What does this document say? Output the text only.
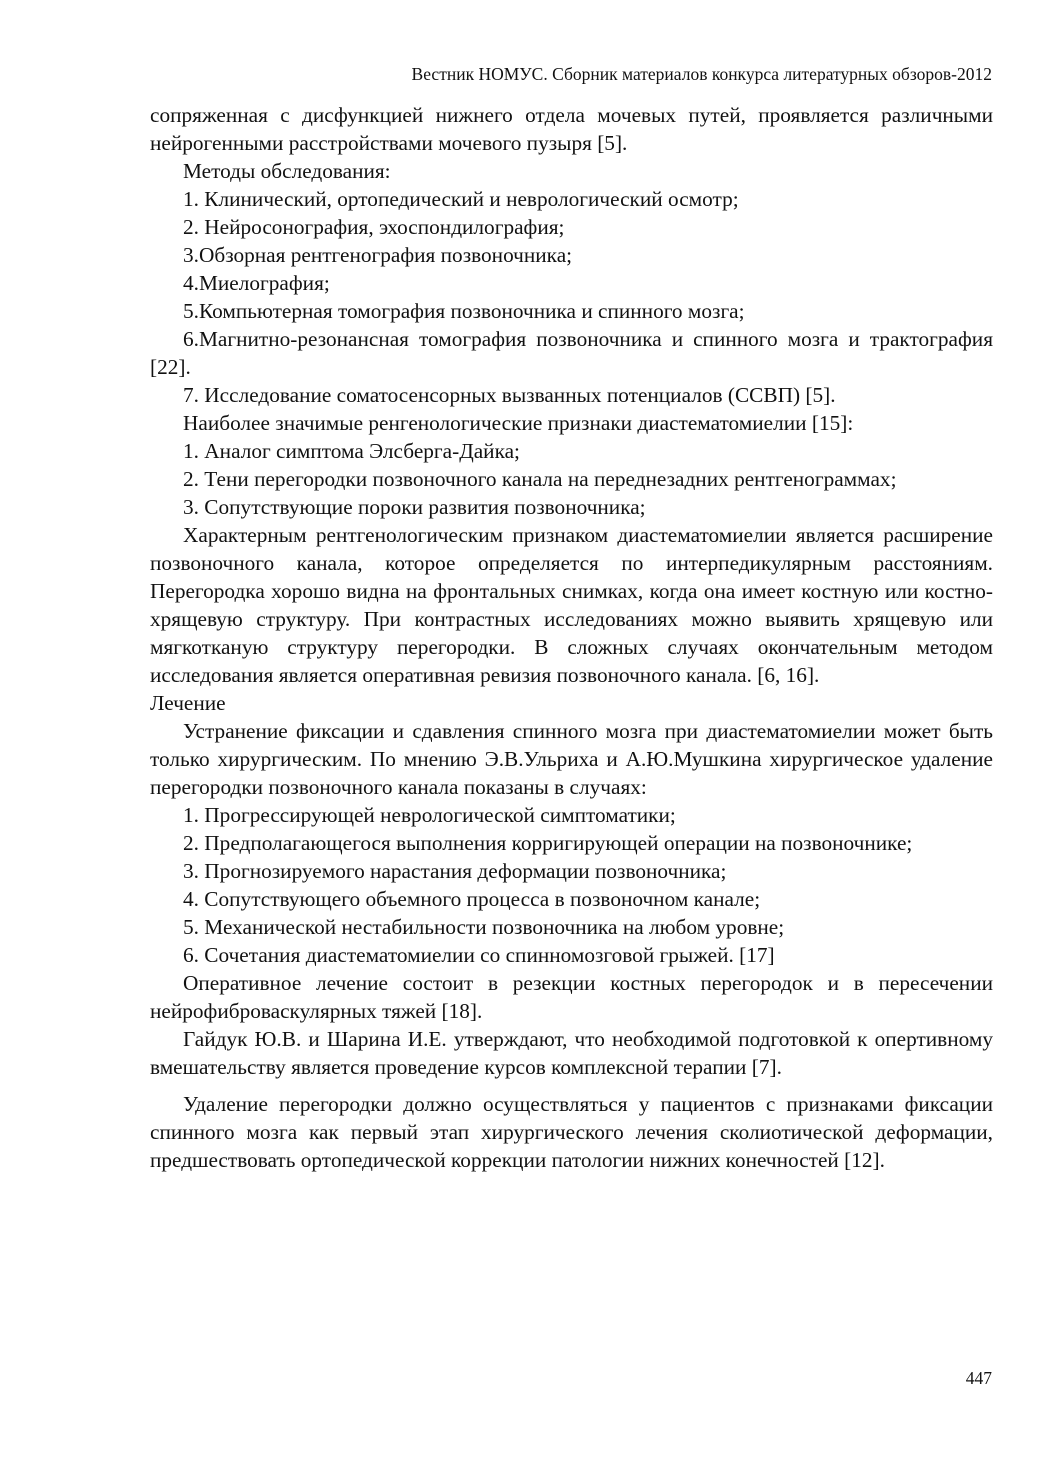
Вестник НОМУС. Сборник материалов конкурса литературных обзоров-2012

сопряженная с дисфункцией нижнего отдела мочевых путей, проявляется различными нейрогенными расстройствами мочевого пузыря [5].

Методы обследования:

1. Клинический, ортопедический и неврологический осмотр;

2. Нейросонография, эхоспондилография;

3.Обзорная рентгенография позвоночника;

4.Миелография;

5.Компьютерная томография позвоночника и спинного мозга;

6.Магнитно-резонансная томография позвоночника и спинного мозга и трактография [22].

7. Исследование соматосенсорных вызванных потенциалов (ССВП) [5].

Наиболее значимые ренгенологические признаки диастематомиелии [15]:

1. Аналог симптома Элсберга-Дайка;

2. Тени перегородки позвоночного канала на переднезадних рентгенограммах;

3. Сопутствующие пороки развития позвоночника;

Характерным рентгенологическим признаком диастематомиелии является расширение позвоночного канала, которое определяется по интерпедикулярным расстояниям. Перегородка хорошо видна на фронтальных снимках, когда она имеет костную или костно-хрящевую структуру. При контрастных исследованиях можно выявить хрящевую или мягкотканую структуру перегородки. В сложных случаях окончательным методом исследования является оперативная ревизия позвоночного канала. [6, 16].

Лечение

Устранение фиксации и сдавления спинного мозга при диастематомиелии может быть только хирургическим. По мнению Э.В.Ульриха и А.Ю.Мушкина хирургическое удаление перегородки позвоночного канала показаны в случаях:

1. Прогрессирующей неврологической симптоматики;

2. Предполагающегося выполнения корригирующей операции на позвоночнике;

3. Прогнозируемого нарастания деформации позвоночника;

4. Сопутствующего объемного процесса в позвоночном канале;

5. Механической нестабильности позвоночника на любом уровне;

6. Сочетания диастематомиелии со спинномозговой грыжей. [17]

Оперативное лечение состоит в резекции костных перегородок и в пересечении нейрофиброваскулярных тяжей [18].

Гайдук Ю.В. и Шарина И.Е. утверждают, что необходимой подготовкой к опертивному вмешательству является проведение курсов комплексной терапии [7].

Удаление перегородки должно осуществляться у пациентов с признаками фиксации спинного мозга как первый этап хирургического лечения сколиотической деформации, предшествовать ортопедической коррекции патологии нижних конечностей [12].

447
